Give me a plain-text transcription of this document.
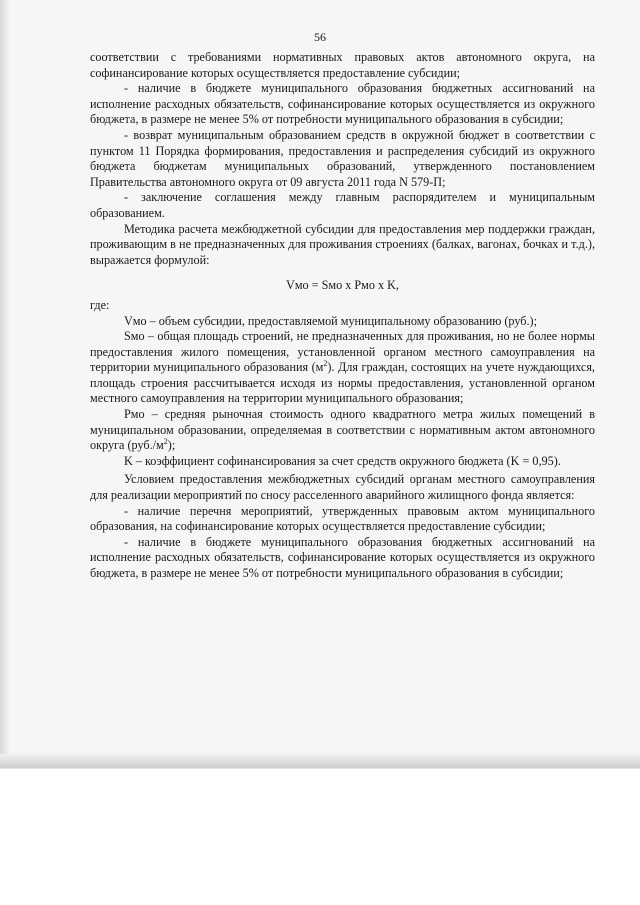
56

соответствии с требованиями нормативных правовых актов автономного округа, на софинансирование которых осуществляется предоставление субсидии;

- наличие в бюджете муниципального образования бюджетных ассигнований на исполнение расходных обязательств, софинансирование которых осуществляется из окружного бюджета, в размере не менее 5% от потребности муниципального образования в субсидии;

- возврат муниципальным образованием средств в окружной бюджет в соответствии с пунктом 11 Порядка формирования, предоставления и распределения субсидий из окружного бюджета бюджетам муниципальных образований, утвержденного постановлением Правительства автономного округа от 09 августа 2011 года N 579-П;

- заключение соглашения между главным распорядителем и муниципальным образованием.

Методика расчета межбюджетной субсидии для предоставления мер поддержки граждан, проживающим в не предназначенных для проживания строениях (балках, вагонах, бочках и т.д.), выражается формулой:

Vмо = Sмо х Рмо х K,

где:

Vмо – объем субсидии, предоставляемой муниципальному образованию (руб.);

Sмо – общая площадь строений, не предназначенных для проживания, но не более нормы предоставления жилого помещения, установленной органом местного самоуправления на территории муниципального образования $(м^2)$. Для граждан, состоящих на учете нуждающихся, площадь строения рассчитывается исходя из нормы предоставления, установленной органом местного самоуправления на территории муниципального образования;

Рмо – средняя рыночная стоимость одного квадратного метра жилых помещений в муниципальном образовании, определяемая в соответствии с нормативным актом автономного округа $(руб./м^2)$;

K – коэффициент софинансирования за счет средств окружного бюджета (K = 0,95).

Условием предоставления межбюджетных субсидий органам местного самоуправления для реализации мероприятий по сносу расселенного аварийного жилищного фонда является:

- наличие перечня мероприятий, утвержденных правовым актом муниципального образования, на софинансирование которых осуществляется предоставление субсидии;

- наличие в бюджете муниципального образования бюджетных ассигнований на исполнение расходных обязательств, софинансирование которых осуществляется из окружного бюджета, в размере не менее 5% от потребности муниципального образования в субсидии;
